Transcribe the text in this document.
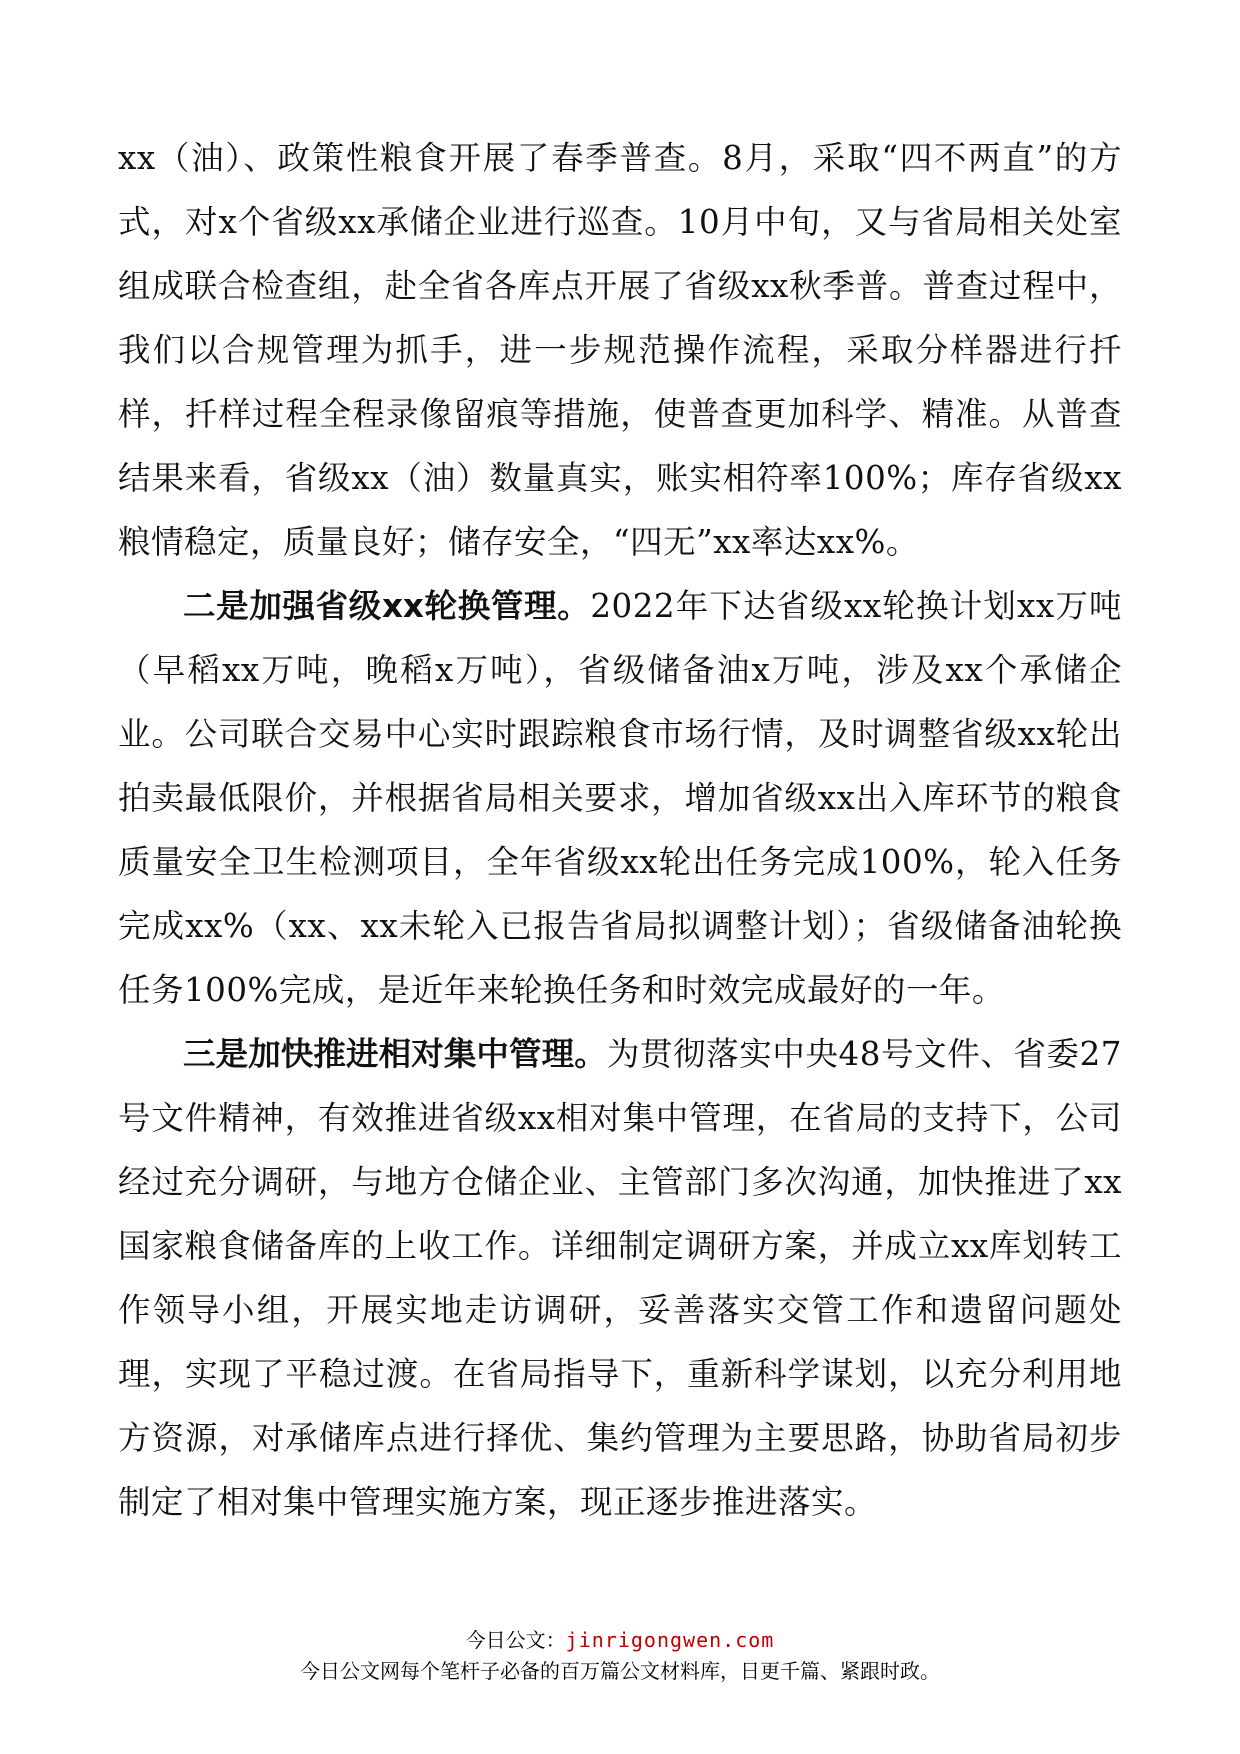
xx（油）、政策性粮食开展了春季普查。8月，采取“四不两直”的方式，对x个省级xx承储企业进行巡查。10月中旬，又与省局相关处室组成联合检查组，赴全省各库点开展了省级xx秋季普。普查过程中，我们以合规管理为抓手，进一步规范操作流程，采取分样器进行扦样，扦样过程全程录像留痕等措施，使普查更加科学、精准。从普查结果来看，省级xx（油）数量真实，账实相符率100%；库存省级xx粮情稳定，质量良好；储存安全，“四无”xx率达xx%。

二是加强省级xx轮换管理。2022年下达省级xx轮换计划xx万吨（早稻xx万吨，晚稻x万吨），省级储备油x万吨，涉及xx个承储企业。公司联合交易中心实时跟踪粮食市场行情，及时调整省级xx轮出拍卖最低限价，并根据省局相关要求，增加省级xx出入库环节的粮食质量安全卫生检测项目，全年省级xx轮出任务完成100%，轮入任务完成xx%（xx、xx未轮入已报告省局拟调整计划）；省级储备油轮换任务100%完成，是近年来轮换任务和时效完成最好的一年。

三是加快推进相对集中管理。为贯彻落实中央48号文件、省委27号文件精神，有效推进省级xx相对集中管理，在省局的支持下，公司经过充分调研，与地方仓储企业、主管部门多次沟通，加快推进了xx国家粮食储备库的上收工作。详细制定调研方案，并成立xx库划转工作领导小组，开展实地走访调研，妥善落实交管工作和遗留问题处理，实现了平稳过渡。在省局指导下，重新科学谋划，以充分利用地方资源，对承储库点进行择优、集约管理为主要思路，协助省局初步制定了相对集中管理实施方案，现正逐步推进落实。

今日公文：jinrigongwen.com
今日公文网每个笔杆子必备的百万篇公文材料库，日更千篇、紧跟时政。
